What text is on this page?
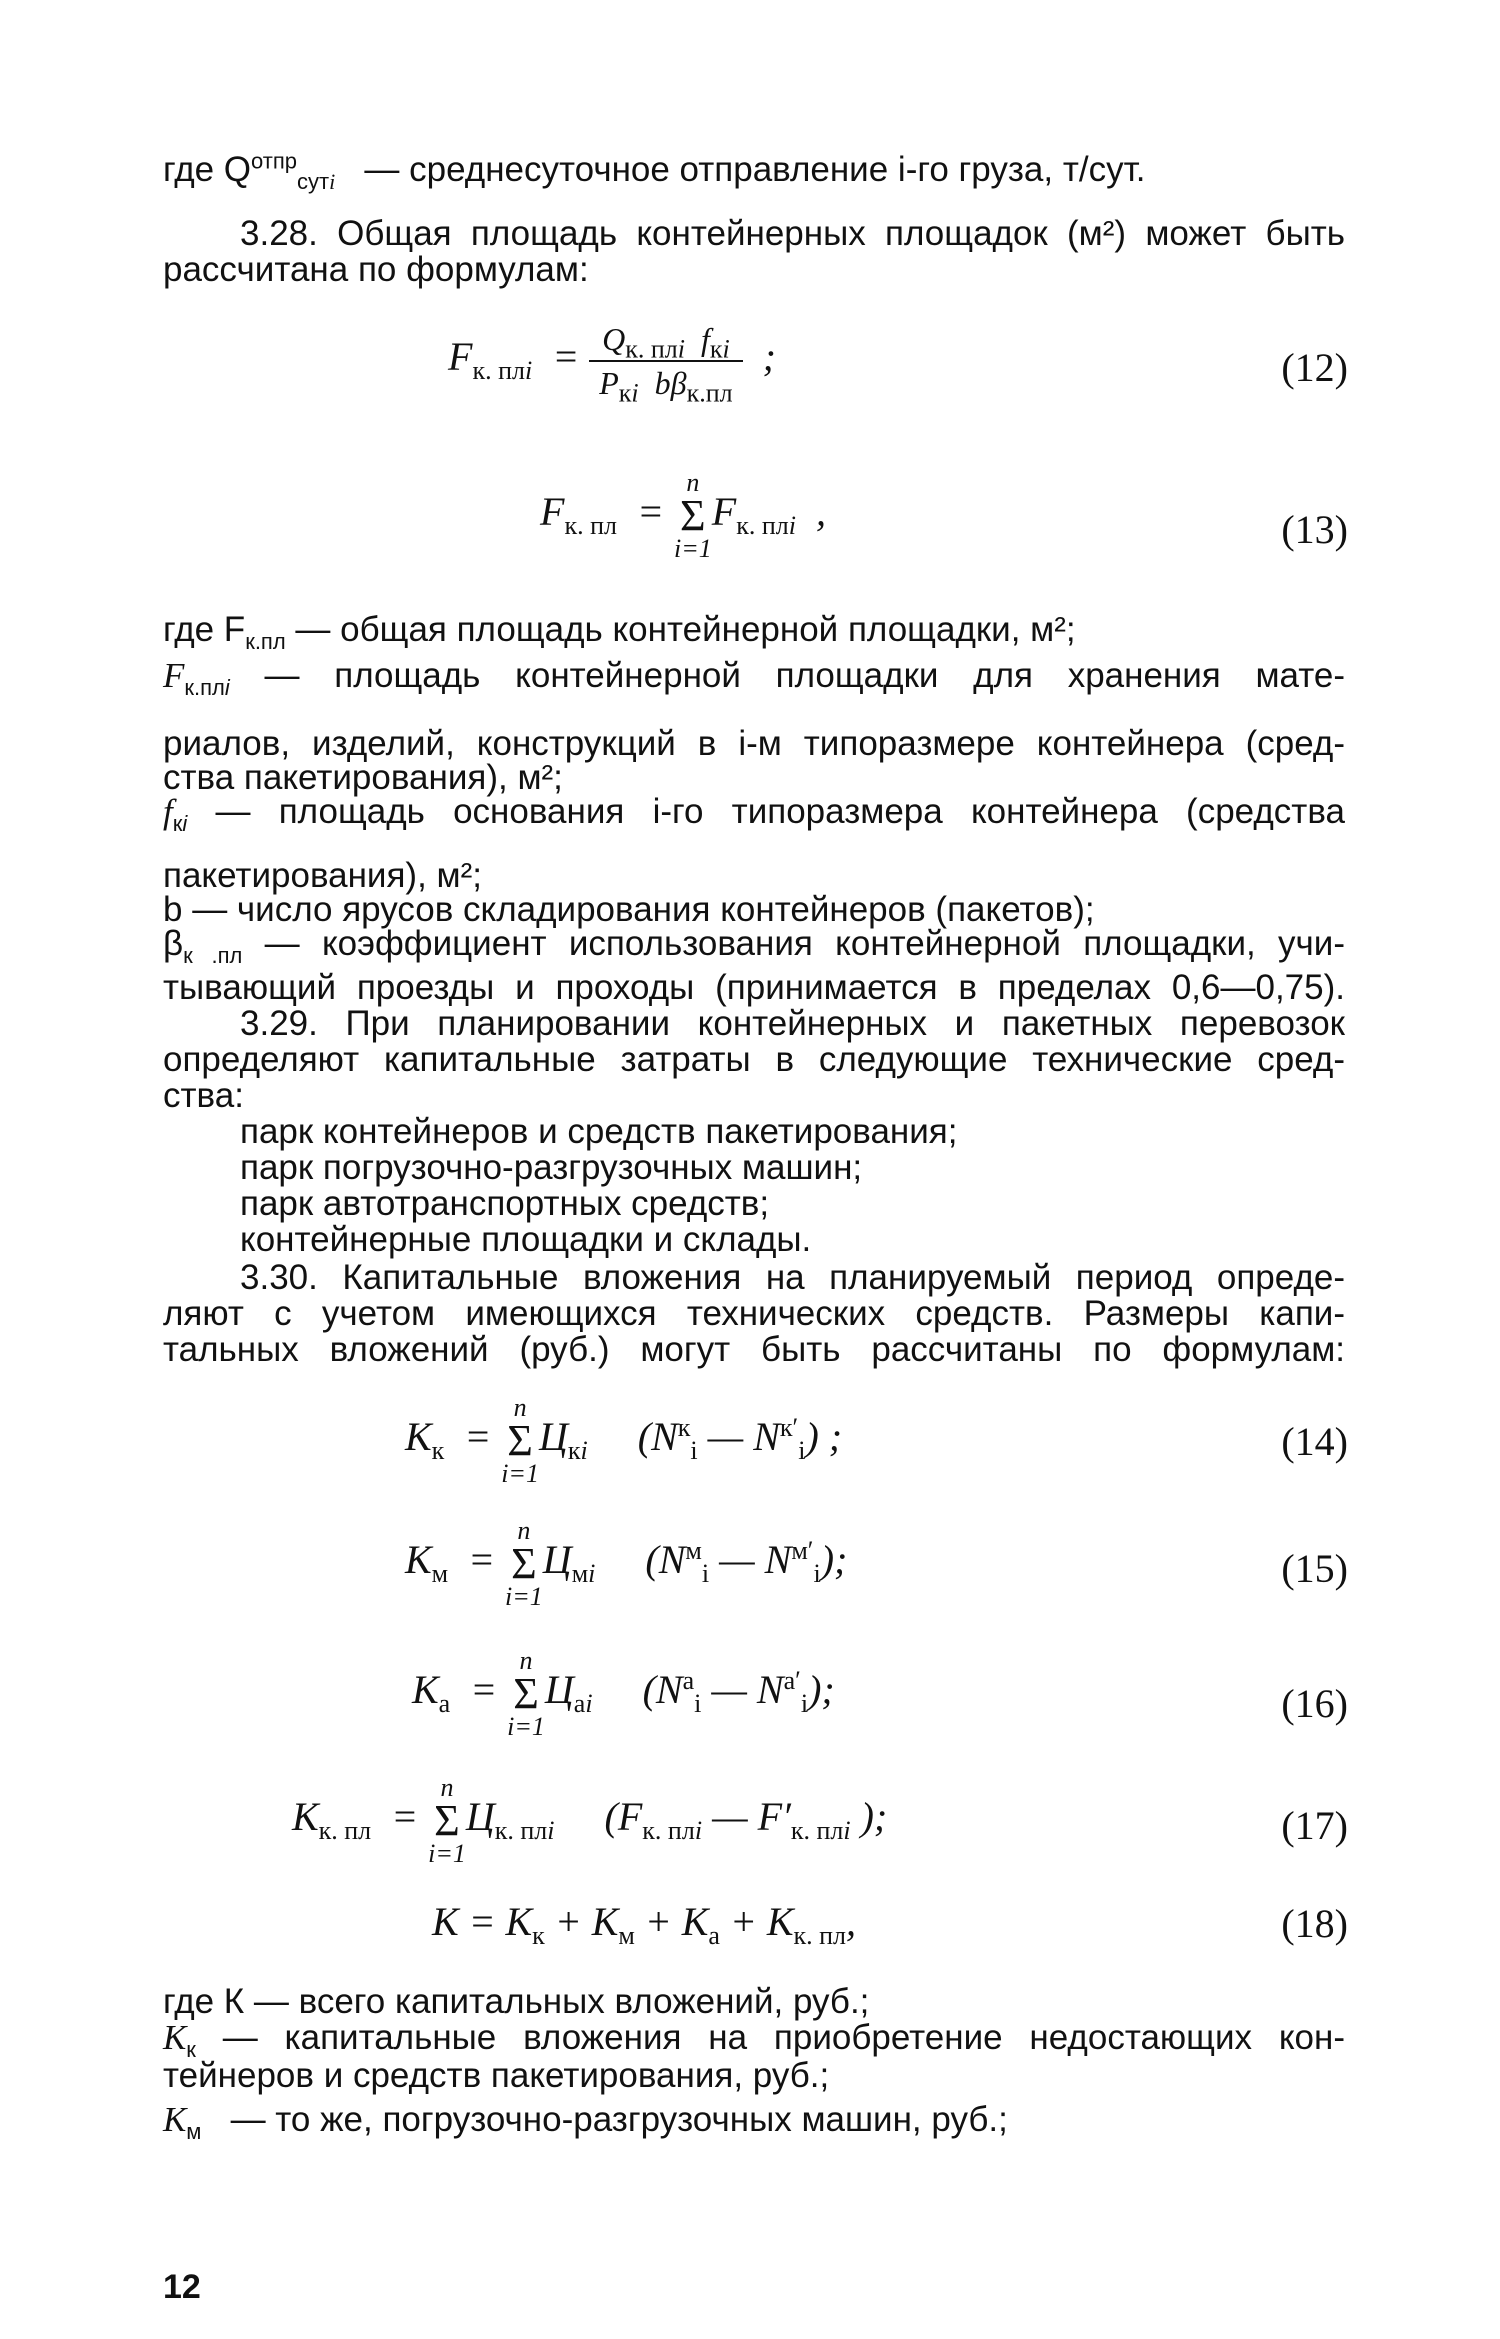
где $Q^{отпр}_{сутi}$ — среднесуточное отправление i-го груза, т/сут.
3.28. Общая площадь контейнерных площадок (м²) может быть
рассчитана по формулам:
$F_{к. плi} = \frac{Q_{к. плi} f_{кi}}{P_{кi} b\beta_{к.пл}}$ ;	(12)
$F_{к. пл}$ =
n
Σ
i=1
$F_{к. плi}$ ,	(13)
где $F_{к.пл}$ — общая площадь контейнерной площадки, м²;
$F_{к.плi}$ — площадь контейнерной площадки для хранения мате-
риалов, изделий, конструкций в i-м типоразмере контейнера (сред-
ства пакетирования), м²;
$f_{кi}$ — площадь основания i-го типоразмера контейнера (средства
пакетирования), м²;
b — число ярусов складирования контейнеров (пакетов);
$\beta_{к .пл}$ — коэффициент использования контейнерной площадки, учи-
тывающий проезды и проходы (принимается в пределах 0,6—0,75).
3.29. При планировании контейнерных и пакетных перевозок
определяют капитальные затраты в следующие технические сред-
ства:
парк контейнеров и средств пакетирования;
парк погрузочно-разгрузочных машин;
парк автотранспортных средств;
контейнерные площадки и склады.
3.30. Капитальные вложения на планируемый период опреде-
ляют с учетом имеющихся технических средств. Размеры капи-
тальных вложений (руб.) могут быть рассчитаны по формулам:
$К_к$ =
n
Σ
i=1
$Ц_{кi}$ ($N^к_i$ — $N^{к'}_i$) ;	(14)
$К_м$ =
n
Σ
i=1
$Ц_{мi}$ ($N^м_i$ — $N^{м'}_i$);	(15)
$К_а$ =
n
Σ
i=1
$Ц_{аi}$ ($N^а_i$ — $N^{а'}_i$);	(16)
$К_{к. пл}$ =
n
Σ
i=1
$Ц_{к. плi}$ ($F_{к. плi}$ — $F'_{к. плi}$ );	(17)
$К = К_к + К_м + К_а + К_{к. пл}$,	(18)
где К — всего капитальных вложений, руб.;
$К_к$ — капитальные вложения на приобретение недостающих кон-
тейнеров и средств пакетирования, руб.;
$К_м$ — то же, погрузочно-разгрузочных машин, руб.;
12
